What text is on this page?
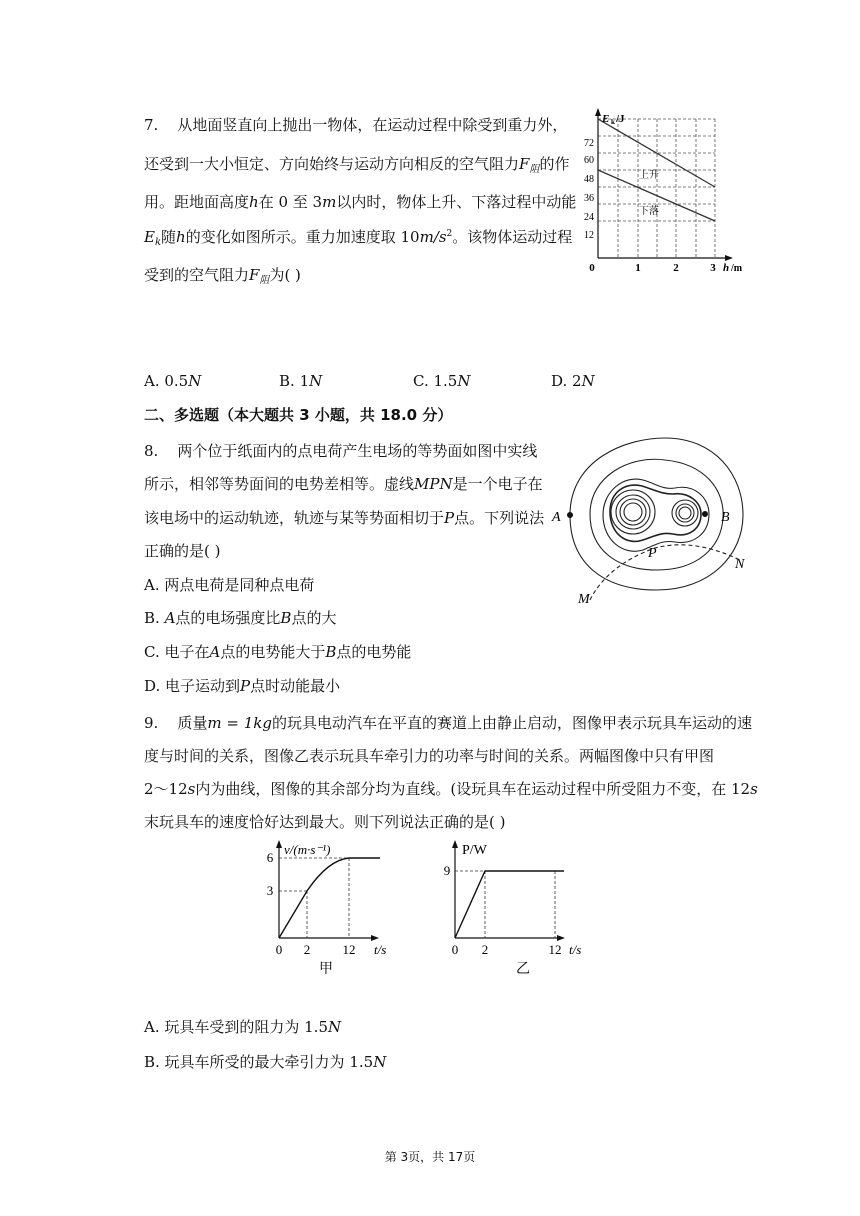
7. 从地面竖直向上抛出一物体，在运动过程中除受到重力外，
还受到一大小恒定、方向始终与运动方向相反的空气阻力$F_阻$的作
用。距地面高度h在 0 至 3m以内时，物体上升、下落过程中动能
$E_k$随h的变化如图所示。重力加速度取 $10m/s^2$。该物体运动过程
受到的空气阻力$F_阻$为( )
E k /J
72
60
48
36
24
12
0	1	2	3 h /m
上升
下落
A. 0.5N	B. 1N	C. 1.5N	D. 2N
二、多选题（本大题共 3 小题，共 18.0 分）
8. 两个位于纸面内的点电荷产生电场的等势面如图中实线
所示，相邻等势面间的电势差相等。虚线MPN是一个电子在
该电场中的运动轨迹，轨迹与某等势面相切于P点。下列说法
正确的是( )
A. 两点电荷是同种点电荷
B. A点的电场强度比B点的大
C. 电子在A点的电势能大于B点的电势能
D. 电子运动到P点时动能最小
A	B
P
M
N
9. 质量m = 1kg的玩具电动汽车在平直的赛道上由静止启动，图像甲表示玩具车运动的速
度与时间的关系，图像乙表示玩具车牵引力的功率与时间的关系。两幅图像中只有甲图
2～12s内为曲线，图像的其余部分均为直线。(设玩具车在运动过程中所受阻力不变，在 12s
末玩具车的速度恰好达到最大。则下列说法正确的是( )
6
3
0 2 12
v/(m·s⁻¹)
t/s
甲
9
0 2	12
P/W
t/s
乙
A. 玩具车受到的阻力为 1.5N
B. 玩具车所受的最大牵引力为 1.5N
第 3页，共 17页
